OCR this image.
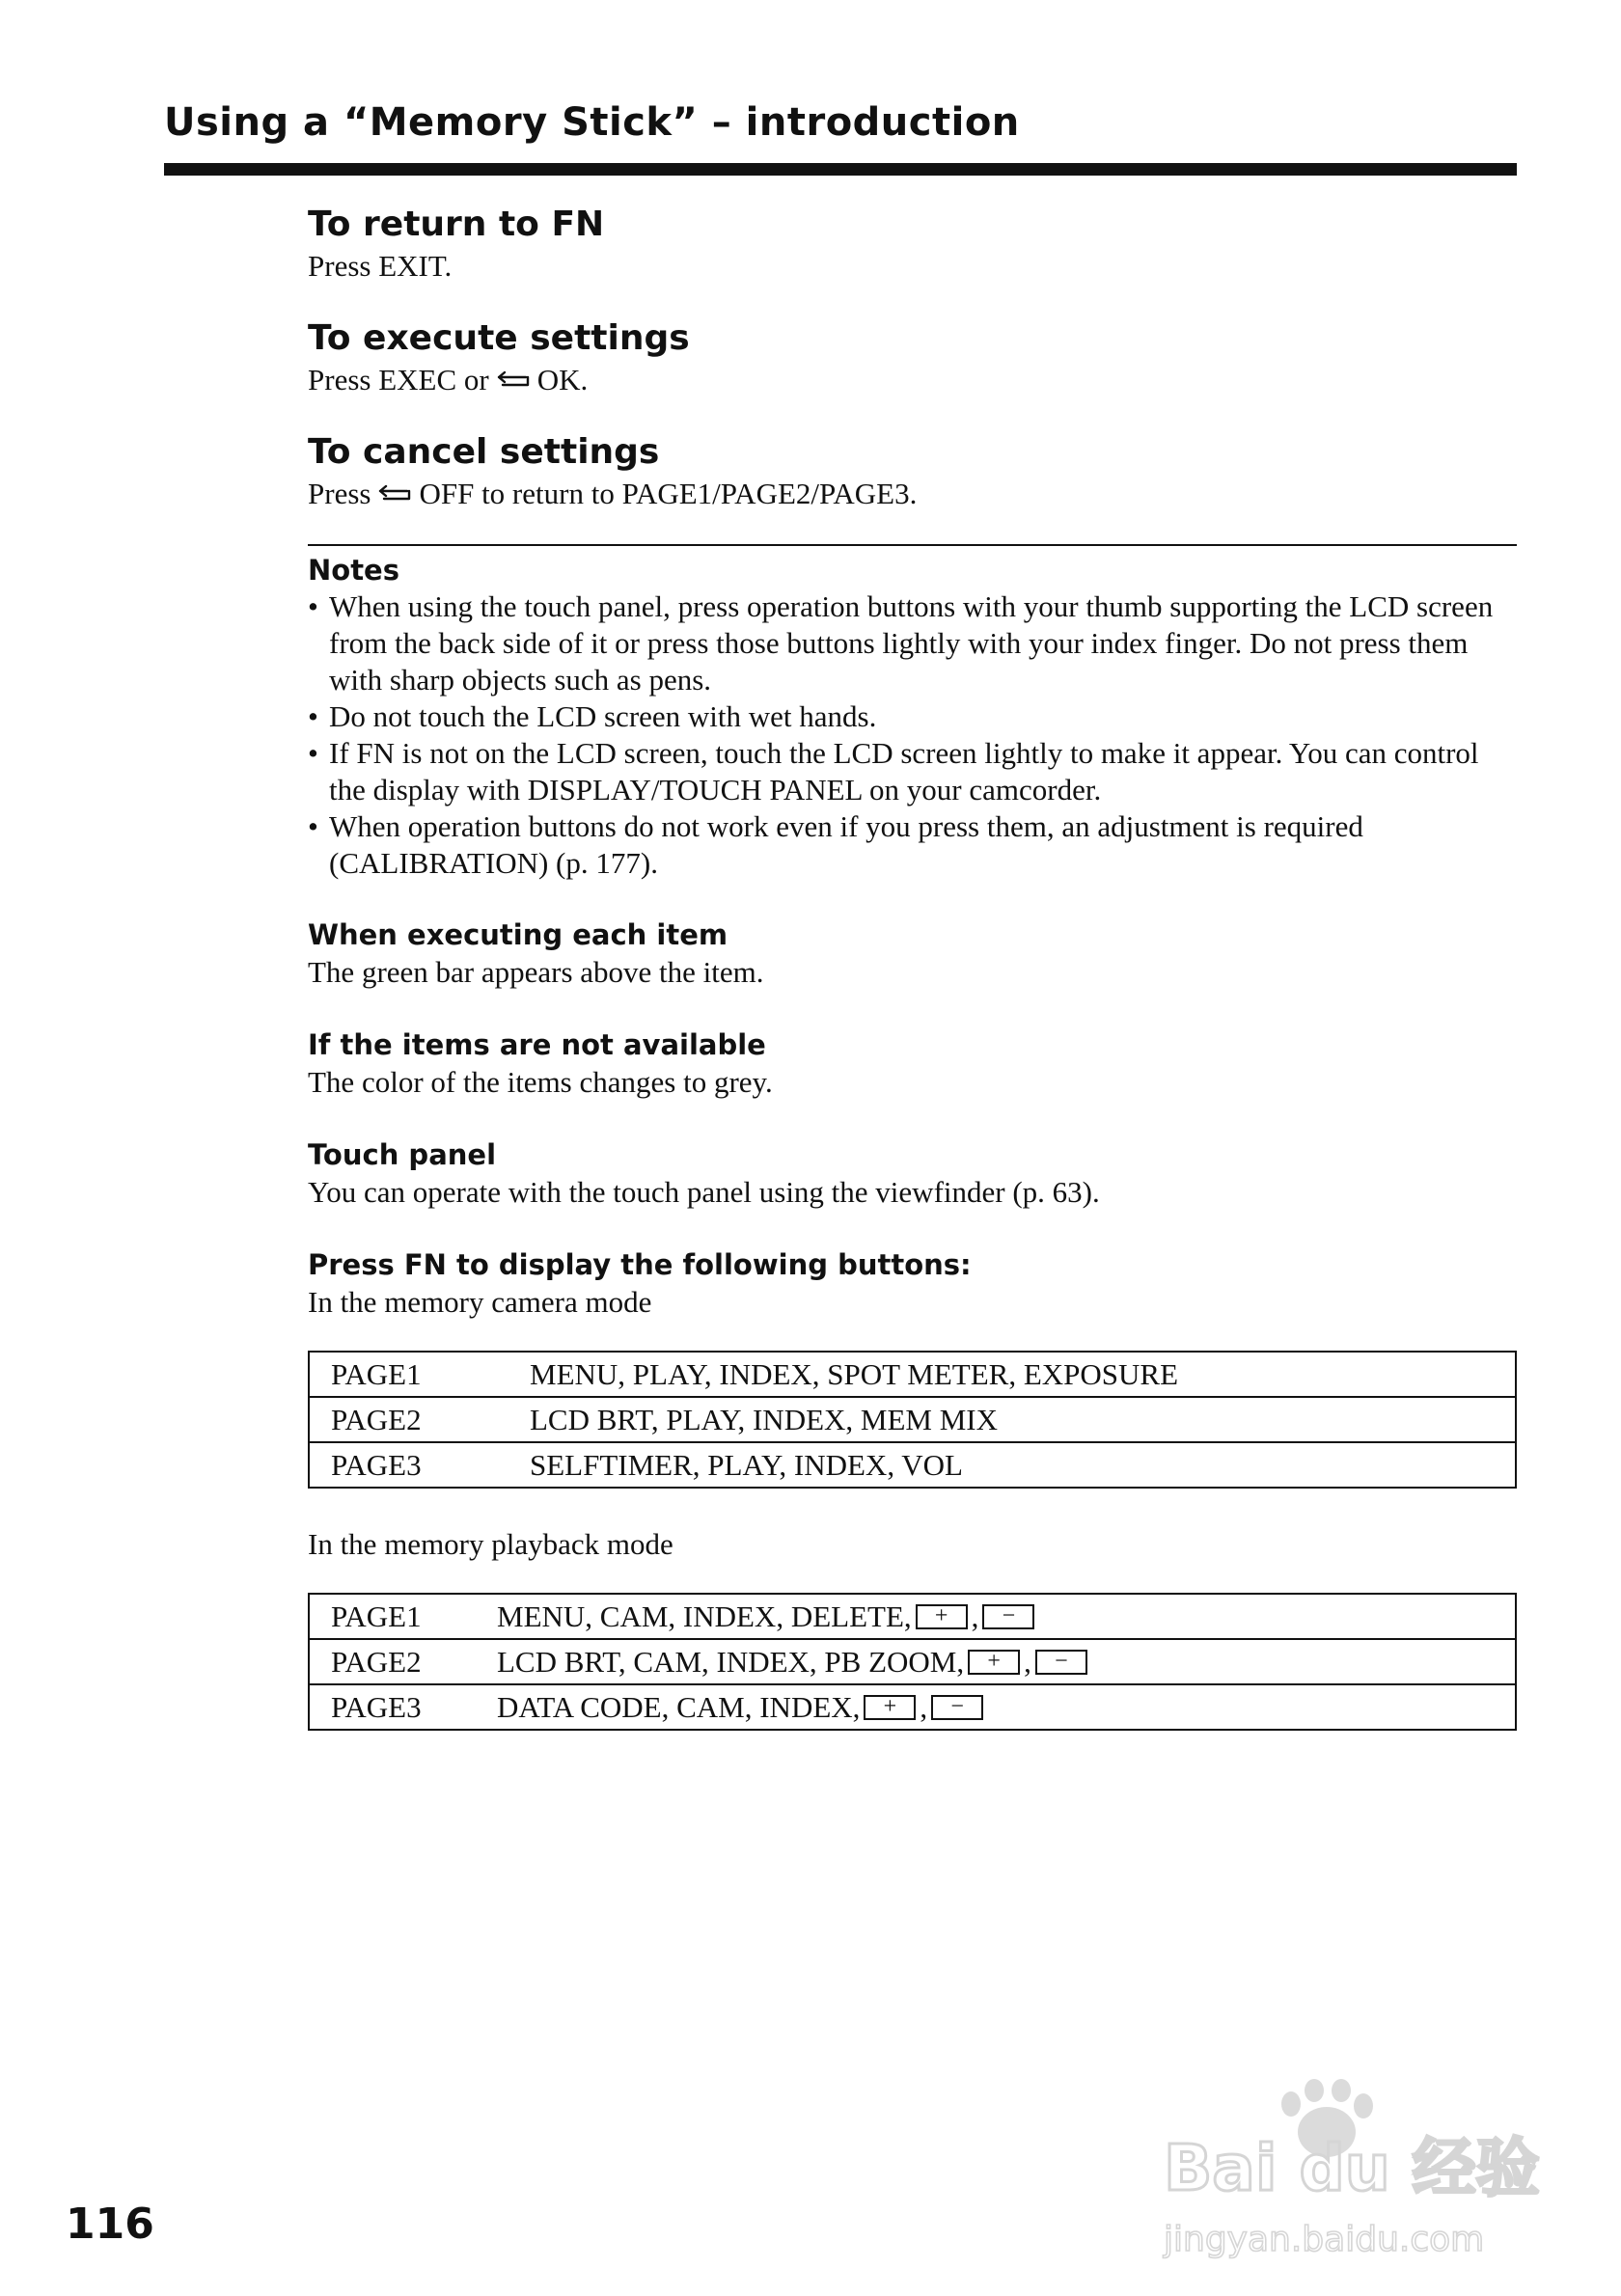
Using a “Memory Stick” – introduction
To return to FN

Press EXIT.

To execute settings

Press EXEC or OK.

To cancel settings

Press OFF to return to PAGE1/PAGE2/PAGE3.

Notes
• When using the touch panel, press operation buttons with your thumb supporting the LCD screen from the back side of it or press those buttons lightly with your index finger. Do not press them with sharp objects such as pens.
• Do not touch the LCD screen with wet hands.
• If FN is not on the LCD screen, touch the LCD screen lightly to make it appear. You can control the display with DISPLAY/TOUCH PANEL on your camcorder.
• When operation buttons do not work even if you press them, an adjustment is required (CALIBRATION) (p. 177).
When executing each item

The green bar appears above the item.

If the items are not available

The color of the items changes to grey.

Touch panel

You can operate with the touch panel using the viewfinder (p. 63).

Press FN to display the following buttons:

In the memory camera mode

PAGE1	MENU, PLAY, INDEX, SPOT METER, EXPOSURE
PAGE2	LCD BRT, PLAY, INDEX, MEM MIX
PAGE3	SELFTIMER, PLAY, INDEX, VOL

In the memory playback mode

PAGE1	MENU, CAM, INDEX, DELETE, + , −
PAGE2	LCD BRT, CAM, INDEX, PB ZOOM, + , −
PAGE3	DATA CODE, CAM, INDEX, + , −

116

Bai du 经验
jingyan.baidu.com
